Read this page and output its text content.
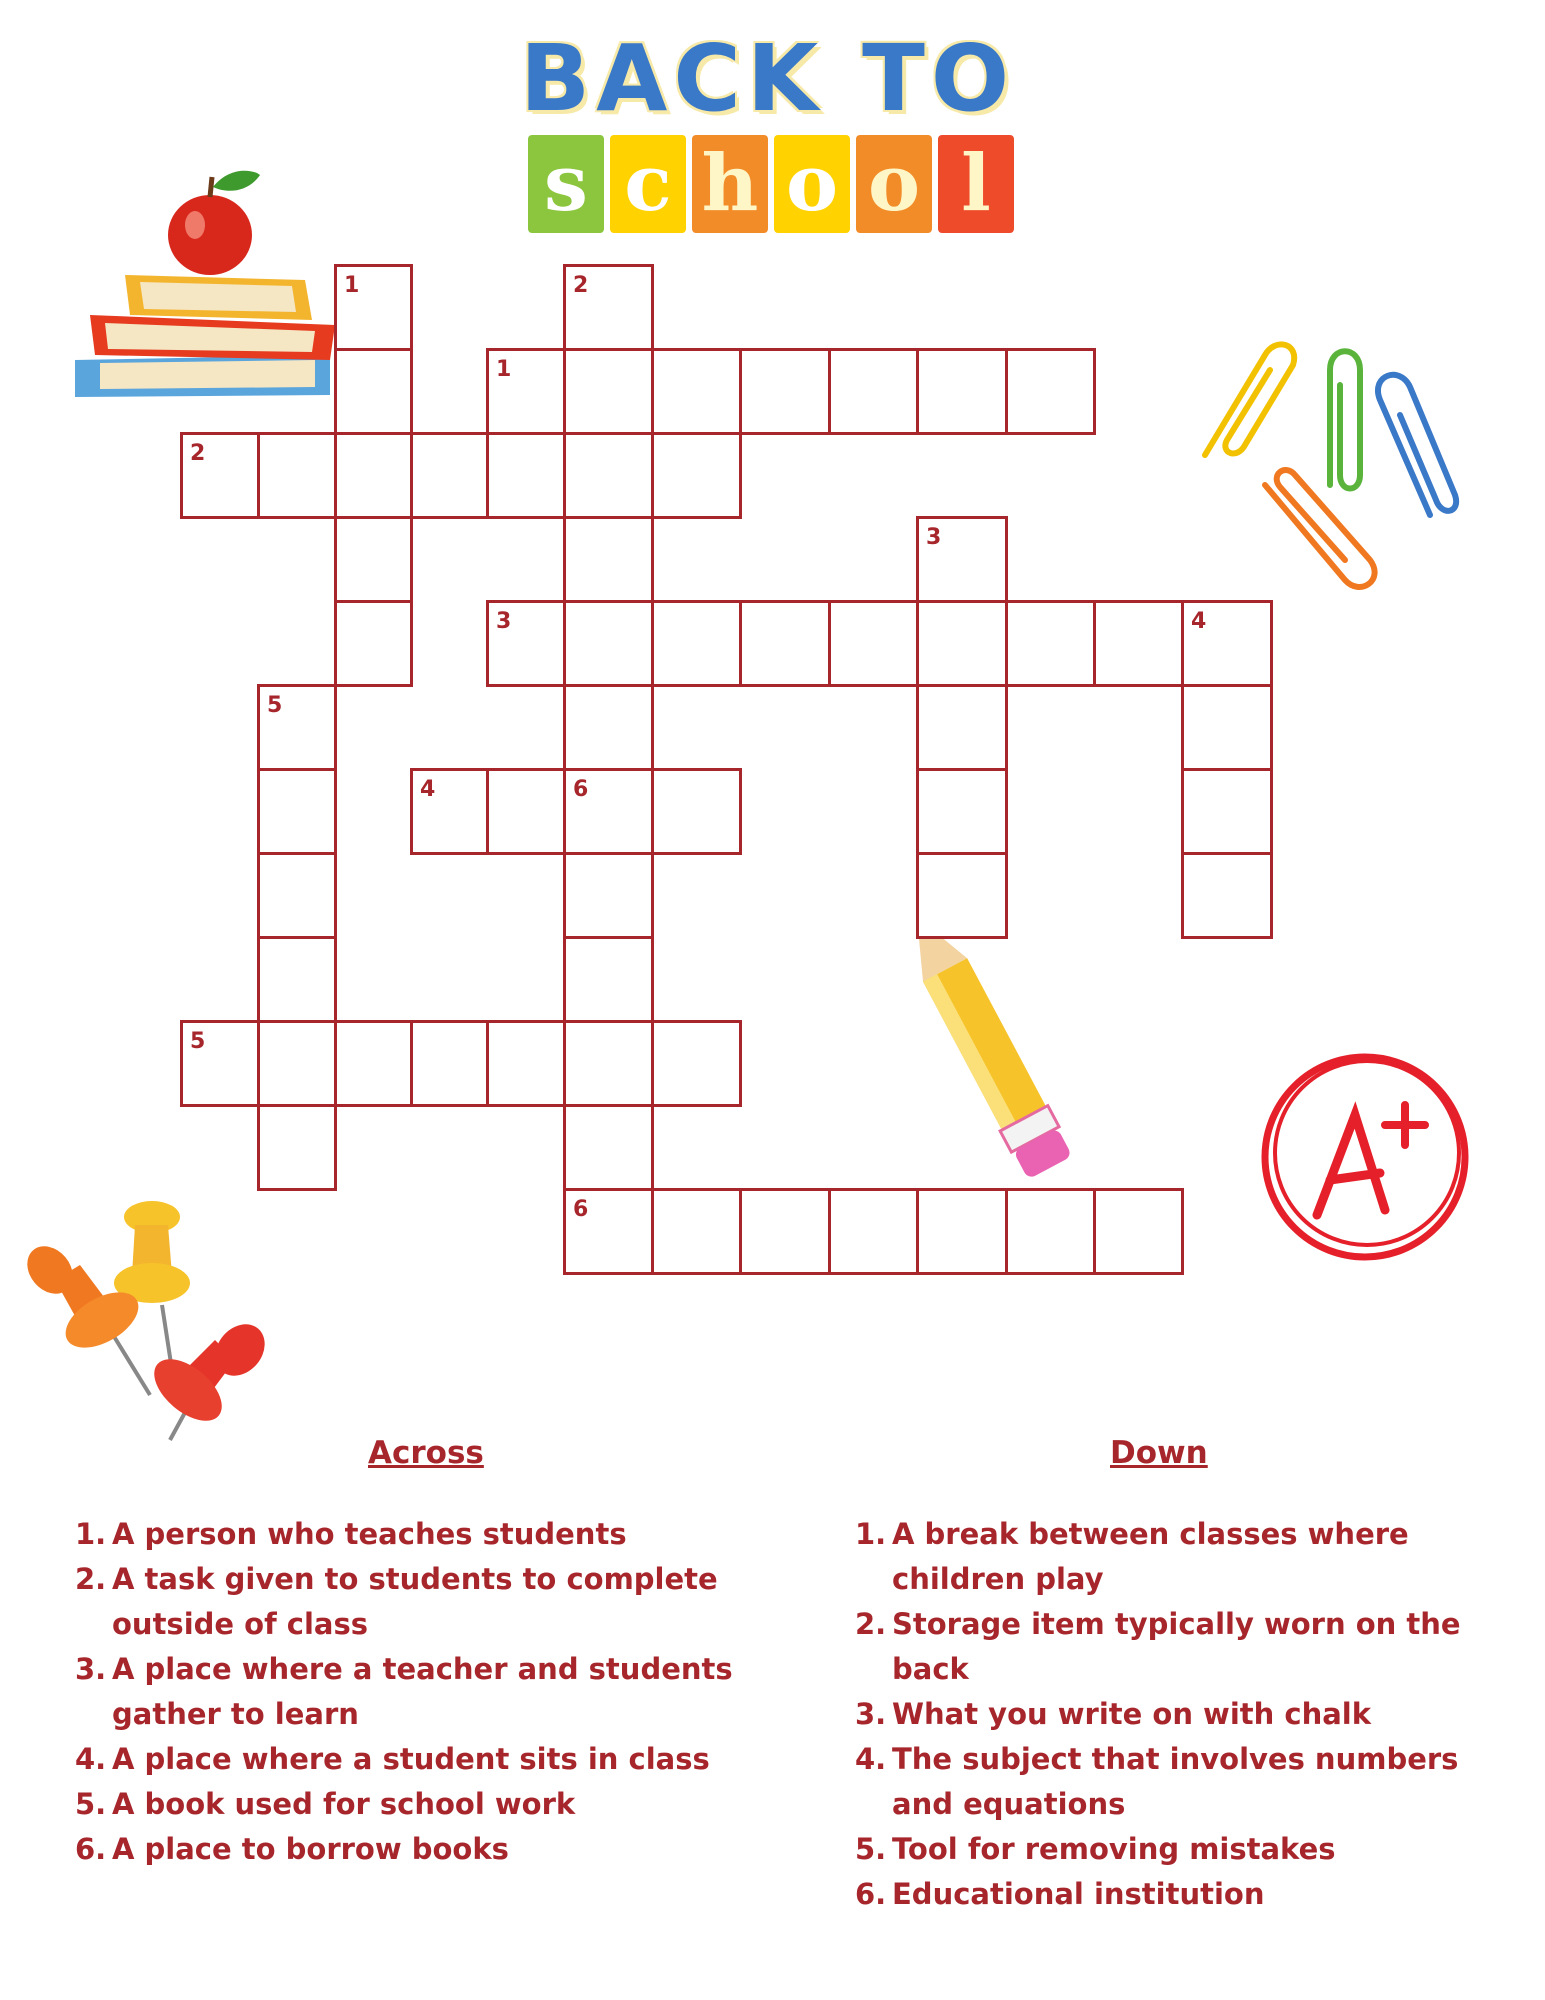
BACK TO
s c h o o l
1	2
6
1
2
3
3	4
5
4
6
5
Across	Down
1. A person who teaches students
2. A task given to students to complete outside of class
3. A place where a teacher and students gather to learn
4. A place where a student sits in class
5. A book used for school work
6. A place to borrow books
1. A break between classes where children play
2. Storage item typically worn on the back
3. What you write on with chalk
4. The subject that involves numbers and equations
5. Tool for removing mistakes
6. Educational institution
